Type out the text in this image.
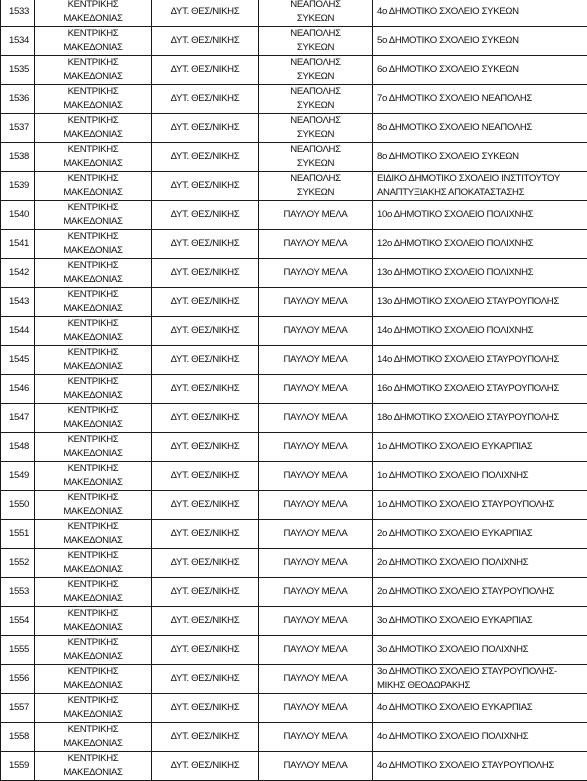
1533	ΚΕΝΤΡΙΚΗΣ
ΜΑΚΕΔΟΝΙΑΣ	ΔΥΤ. ΘΕΣ/ΝΙΚΗΣ	ΝΕΑΠΟΛΗΣ
ΣΥΚΕΩΝ	4ο ΔΗΜΟΤΙΚΟ ΣΧΟΛΕΙΟ ΣΥΚΕΩΝ

1534	ΚΕΝΤΡΙΚΗΣ
ΜΑΚΕΔΟΝΙΑΣ	ΔΥΤ. ΘΕΣ/ΝΙΚΗΣ	ΝΕΑΠΟΛΗΣ
ΣΥΚΕΩΝ	5ο ΔΗΜΟΤΙΚΟ ΣΧΟΛΕΙΟ ΣΥΚΕΩΝ

1535	ΚΕΝΤΡΙΚΗΣ
ΜΑΚΕΔΟΝΙΑΣ	ΔΥΤ. ΘΕΣ/ΝΙΚΗΣ	ΝΕΑΠΟΛΗΣ
ΣΥΚΕΩΝ	6ο ΔΗΜΟΤΙΚΟ ΣΧΟΛΕΙΟ ΣΥΚΕΩΝ

1536	ΚΕΝΤΡΙΚΗΣ
ΜΑΚΕΔΟΝΙΑΣ	ΔΥΤ. ΘΕΣ/ΝΙΚΗΣ	ΝΕΑΠΟΛΗΣ
ΣΥΚΕΩΝ	7ο ΔΗΜΟΤΙΚΟ ΣΧΟΛΕΙΟ ΝΕΑΠΟΛΗΣ

1537	ΚΕΝΤΡΙΚΗΣ
ΜΑΚΕΔΟΝΙΑΣ	ΔΥΤ. ΘΕΣ/ΝΙΚΗΣ	ΝΕΑΠΟΛΗΣ
ΣΥΚΕΩΝ	8ο ΔΗΜΟΤΙΚΟ ΣΧΟΛΕΙΟ ΝΕΑΠΟΛΗΣ

1538	ΚΕΝΤΡΙΚΗΣ
ΜΑΚΕΔΟΝΙΑΣ	ΔΥΤ. ΘΕΣ/ΝΙΚΗΣ	ΝΕΑΠΟΛΗΣ
ΣΥΚΕΩΝ	8ο ΔΗΜΟΤΙΚΟ ΣΧΟΛΕΙΟ ΣΥΚΕΩΝ

1539	ΚΕΝΤΡΙΚΗΣ
ΜΑΚΕΔΟΝΙΑΣ	ΔΥΤ. ΘΕΣ/ΝΙΚΗΣ	ΝΕΑΠΟΛΗΣ
ΣΥΚΕΩΝ	ΕΙΔΙΚΟ ΔΗΜΟΤΙΚΟ ΣΧΟΛΕΙΟ ΙΝΣΤΙΤΟΥΤΟΥ
ΑΝΑΠΤΥΞΙΑΚΗΣ ΑΠΟΚΑΤΑΣΤΑΣΗΣ

1540	ΚΕΝΤΡΙΚΗΣ
ΜΑΚΕΔΟΝΙΑΣ	ΔΥΤ. ΘΕΣ/ΝΙΚΗΣ	ΠΑΥΛΟΥ ΜΕΛΑ	10ο ΔΗΜΟΤΙΚΟ ΣΧΟΛΕΙΟ ΠΟΛΙΧΝΗΣ

1541	ΚΕΝΤΡΙΚΗΣ
ΜΑΚΕΔΟΝΙΑΣ	ΔΥΤ. ΘΕΣ/ΝΙΚΗΣ	ΠΑΥΛΟΥ ΜΕΛΑ	12ο ΔΗΜΟΤΙΚΟ ΣΧΟΛΕΙΟ ΠΟΛΙΧΝΗΣ

1542	ΚΕΝΤΡΙΚΗΣ
ΜΑΚΕΔΟΝΙΑΣ	ΔΥΤ. ΘΕΣ/ΝΙΚΗΣ	ΠΑΥΛΟΥ ΜΕΛΑ	13ο ΔΗΜΟΤΙΚΟ ΣΧΟΛΕΙΟ ΠΟΛΙΧΝΗΣ

1543	ΚΕΝΤΡΙΚΗΣ
ΜΑΚΕΔΟΝΙΑΣ	ΔΥΤ. ΘΕΣ/ΝΙΚΗΣ	ΠΑΥΛΟΥ ΜΕΛΑ	13ο ΔΗΜΟΤΙΚΟ ΣΧΟΛΕΙΟ ΣΤΑΥΡΟΥΠΟΛΗΣ

1544	ΚΕΝΤΡΙΚΗΣ
ΜΑΚΕΔΟΝΙΑΣ	ΔΥΤ. ΘΕΣ/ΝΙΚΗΣ	ΠΑΥΛΟΥ ΜΕΛΑ	14ο ΔΗΜΟΤΙΚΟ ΣΧΟΛΕΙΟ ΠΟΛΙΧΝΗΣ

1545	ΚΕΝΤΡΙΚΗΣ
ΜΑΚΕΔΟΝΙΑΣ	ΔΥΤ. ΘΕΣ/ΝΙΚΗΣ	ΠΑΥΛΟΥ ΜΕΛΑ	14ο ΔΗΜΟΤΙΚΟ ΣΧΟΛΕΙΟ ΣΤΑΥΡΟΥΠΟΛΗΣ

1546	ΚΕΝΤΡΙΚΗΣ
ΜΑΚΕΔΟΝΙΑΣ	ΔΥΤ. ΘΕΣ/ΝΙΚΗΣ	ΠΑΥΛΟΥ ΜΕΛΑ	16ο ΔΗΜΟΤΙΚΟ ΣΧΟΛΕΙΟ ΣΤΑΥΡΟΥΠΟΛΗΣ

1547	ΚΕΝΤΡΙΚΗΣ
ΜΑΚΕΔΟΝΙΑΣ	ΔΥΤ. ΘΕΣ/ΝΙΚΗΣ	ΠΑΥΛΟΥ ΜΕΛΑ	18ο ΔΗΜΟΤΙΚΟ ΣΧΟΛΕΙΟ ΣΤΑΥΡΟΥΠΟΛΗΣ

1548	ΚΕΝΤΡΙΚΗΣ
ΜΑΚΕΔΟΝΙΑΣ	ΔΥΤ. ΘΕΣ/ΝΙΚΗΣ	ΠΑΥΛΟΥ ΜΕΛΑ	1ο ΔΗΜΟΤΙΚΟ ΣΧΟΛΕΙΟ ΕΥΚΑΡΠΙΑΣ

1549	ΚΕΝΤΡΙΚΗΣ
ΜΑΚΕΔΟΝΙΑΣ	ΔΥΤ. ΘΕΣ/ΝΙΚΗΣ	ΠΑΥΛΟΥ ΜΕΛΑ	1ο ΔΗΜΟΤΙΚΟ ΣΧΟΛΕΙΟ ΠΟΛΙΧΝΗΣ

1550	ΚΕΝΤΡΙΚΗΣ
ΜΑΚΕΔΟΝΙΑΣ	ΔΥΤ. ΘΕΣ/ΝΙΚΗΣ	ΠΑΥΛΟΥ ΜΕΛΑ	1ο ΔΗΜΟΤΙΚΟ ΣΧΟΛΕΙΟ ΣΤΑΥΡΟΥΠΟΛΗΣ

1551	ΚΕΝΤΡΙΚΗΣ
ΜΑΚΕΔΟΝΙΑΣ	ΔΥΤ. ΘΕΣ/ΝΙΚΗΣ	ΠΑΥΛΟΥ ΜΕΛΑ	2ο ΔΗΜΟΤΙΚΟ ΣΧΟΛΕΙΟ ΕΥΚΑΡΠΙΑΣ

1552	ΚΕΝΤΡΙΚΗΣ
ΜΑΚΕΔΟΝΙΑΣ	ΔΥΤ. ΘΕΣ/ΝΙΚΗΣ	ΠΑΥΛΟΥ ΜΕΛΑ	2ο ΔΗΜΟΤΙΚΟ ΣΧΟΛΕΙΟ ΠΟΛΙΧΝΗΣ

1553	ΚΕΝΤΡΙΚΗΣ
ΜΑΚΕΔΟΝΙΑΣ	ΔΥΤ. ΘΕΣ/ΝΙΚΗΣ	ΠΑΥΛΟΥ ΜΕΛΑ	2ο ΔΗΜΟΤΙΚΟ ΣΧΟΛΕΙΟ ΣΤΑΥΡΟΥΠΟΛΗΣ

1554	ΚΕΝΤΡΙΚΗΣ
ΜΑΚΕΔΟΝΙΑΣ	ΔΥΤ. ΘΕΣ/ΝΙΚΗΣ	ΠΑΥΛΟΥ ΜΕΛΑ	3ο ΔΗΜΟΤΙΚΟ ΣΧΟΛΕΙΟ ΕΥΚΑΡΠΙΑΣ

1555	ΚΕΝΤΡΙΚΗΣ
ΜΑΚΕΔΟΝΙΑΣ	ΔΥΤ. ΘΕΣ/ΝΙΚΗΣ	ΠΑΥΛΟΥ ΜΕΛΑ	3ο ΔΗΜΟΤΙΚΟ ΣΧΟΛΕΙΟ ΠΟΛΙΧΝΗΣ

1556	ΚΕΝΤΡΙΚΗΣ
ΜΑΚΕΔΟΝΙΑΣ	ΔΥΤ. ΘΕΣ/ΝΙΚΗΣ	ΠΑΥΛΟΥ ΜΕΛΑ	3ο ΔΗΜΟΤΙΚΟ ΣΧΟΛΕΙΟ ΣΤΑΥΡΟΥΠΟΛΗΣ-
ΜΙΚΗΣ ΘΕΟΔΩΡΑΚΗΣ

1557	ΚΕΝΤΡΙΚΗΣ
ΜΑΚΕΔΟΝΙΑΣ	ΔΥΤ. ΘΕΣ/ΝΙΚΗΣ	ΠΑΥΛΟΥ ΜΕΛΑ	4ο ΔΗΜΟΤΙΚΟ ΣΧΟΛΕΙΟ ΕΥΚΑΡΠΙΑΣ

1558	ΚΕΝΤΡΙΚΗΣ
ΜΑΚΕΔΟΝΙΑΣ	ΔΥΤ. ΘΕΣ/ΝΙΚΗΣ	ΠΑΥΛΟΥ ΜΕΛΑ	4ο ΔΗΜΟΤΙΚΟ ΣΧΟΛΕΙΟ ΠΟΛΙΧΝΗΣ

1559	ΚΕΝΤΡΙΚΗΣ
ΜΑΚΕΔΟΝΙΑΣ	ΔΥΤ. ΘΕΣ/ΝΙΚΗΣ	ΠΑΥΛΟΥ ΜΕΛΑ	4ο ΔΗΜΟΤΙΚΟ ΣΧΟΛΕΙΟ ΣΤΑΥΡΟΥΠΟΛΗΣ
